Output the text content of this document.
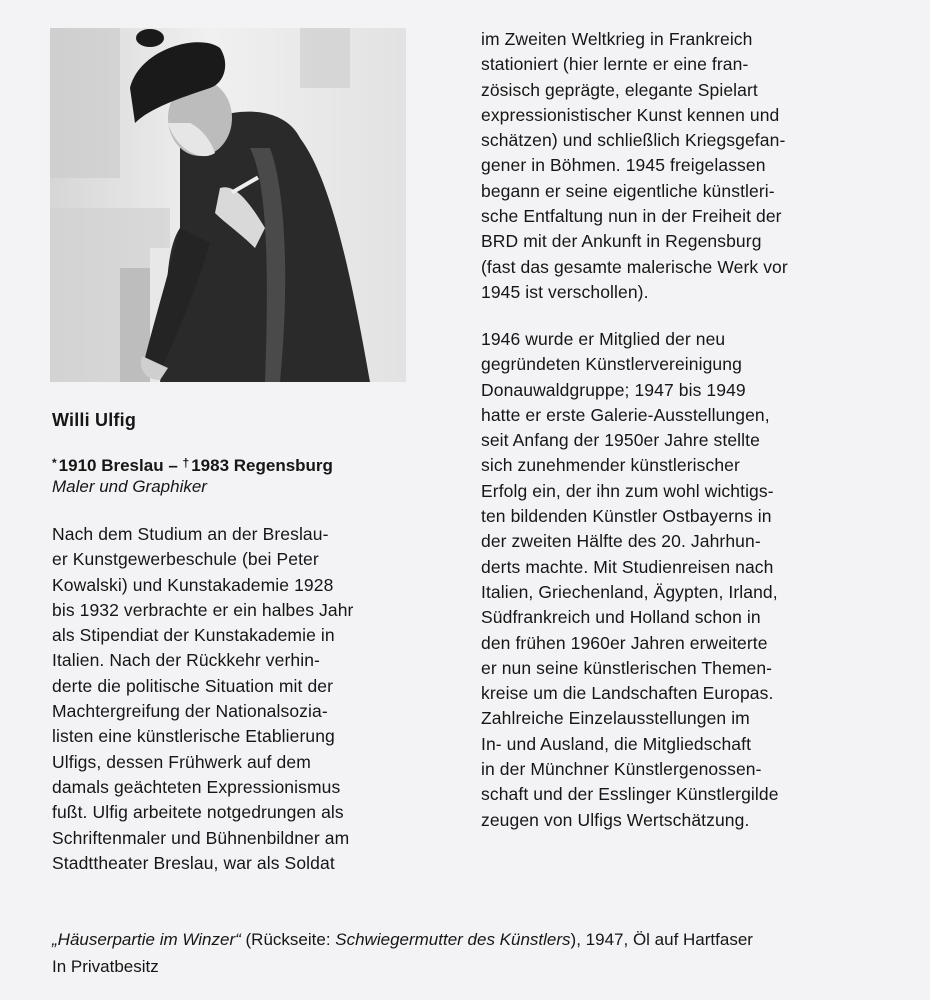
Willi Ulfig
* 1910 Breslau – † 1983 Regensburg
Maler und Graphiker

Nach dem Studium an der Breslau-
er Kunstgewerbeschule (bei Peter
Kowalski) und Kunstakademie 1928
bis 1932 verbrachte er ein halbes Jahr
als Stipendiat der Kunstakademie in
Italien. Nach der Rückkehr verhin-
derte die politische Situation mit der
Machtergreifung der Nationalsozia-
listen eine künstlerische Etablierung
Ulfigs, dessen Frühwerk auf dem
damals geächteten Expressionismus
fußt. Ulfig arbeitete notgedrungen als
Schriftenmaler und Bühnenbildner am
Stadttheater Breslau, war als Soldat

im Zweiten Weltkrieg in Frankreich
stationiert (hier lernte er eine fran-
zösisch geprägte, elegante Spielart
expressionistischer Kunst kennen und
schätzen) und schließlich Kriegsgefan-
gener in Böhmen. 1945 freigelassen
begann er seine eigentliche künstleri-
sche Entfaltung nun in der Freiheit der
BRD mit der Ankunft in Regensburg
(fast das gesamte malerische Werk vor
1945 ist verschollen).

1946 wurde er Mitglied der neu
gegründeten Künstlervereinigung
Donauwaldgruppe; 1947 bis 1949
hatte er erste Galerie-Ausstellungen,
seit Anfang der 1950er Jahre stellte
sich zunehmender künstlerischer
Erfolg ein, der ihn zum wohl wichtigs-
ten bildenden Künstler Ostbayerns in
der zweiten Hälfte des 20. Jahrhun-
derts machte. Mit Studienreisen nach
Italien, Griechenland, Ägypten, Irland,
Südfrankreich und Holland schon in
den frühen 1960er Jahren erweiterte
er nun seine künstlerischen Themen-
kreise um die Landschaften Europas.
Zahlreiche Einzelausstellungen im
In- und Ausland, die Mitgliedschaft
in der Münchner Künstlergenossen-
schaft und der Esslinger Künstlergilde
zeugen von Ulfigs Wertschätzung.

„Häuserpartie im Winzer“ (Rückseite: Schwiegermutter des Künstlers), 1947, Öl auf Hartfaser
In Privatbesitz
